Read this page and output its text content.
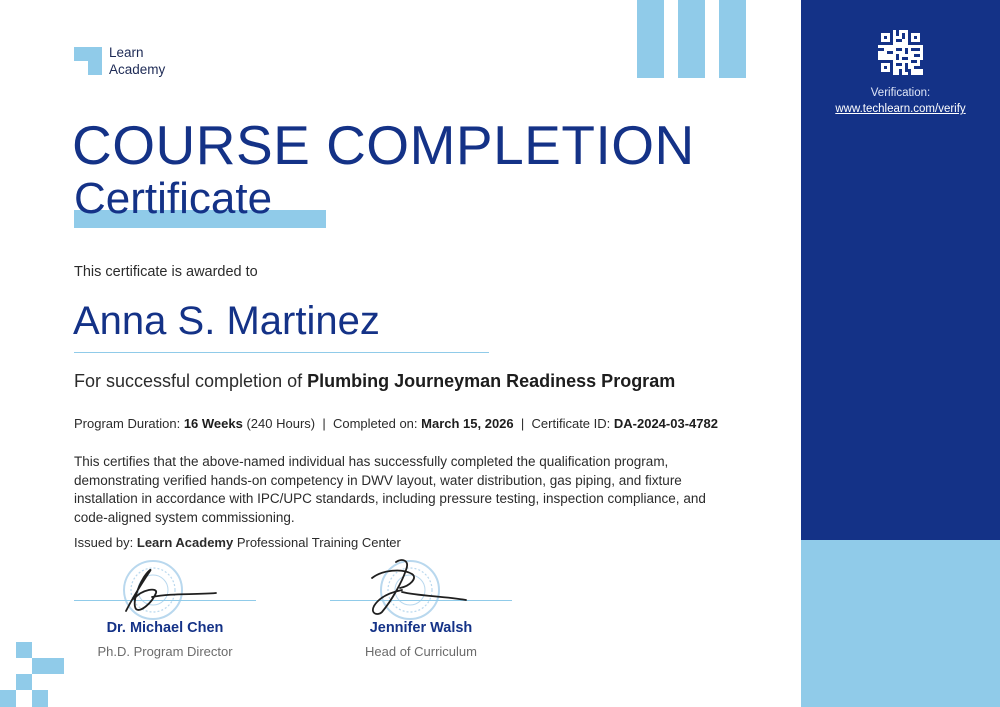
Verification:
www.techlearn.com/verify
Learn
Academy
COURSE COMPLETION
Certificate
This certificate is awarded to
Anna S. Martinez
For successful completion of Plumbing Journeyman Readiness Program
Program Duration: 16 Weeks (240 Hours) | Completed on: March 15, 2026 | Certificate ID: DA-2024-03-4782
This certifies that the above-named individual has successfully completed the qualification program, demonstrating verified hands-on competency in DWV layout, water distribution, gas piping, and fixture installation in accordance with IPC/UPC standards, including pressure testing, inspection compliance, and code-aligned system commissioning.
Issued by: Learn Academy Professional Training Center
Dr. Michael Chen
Ph.D. Program Director
Jennifer Walsh
Head of Curriculum
